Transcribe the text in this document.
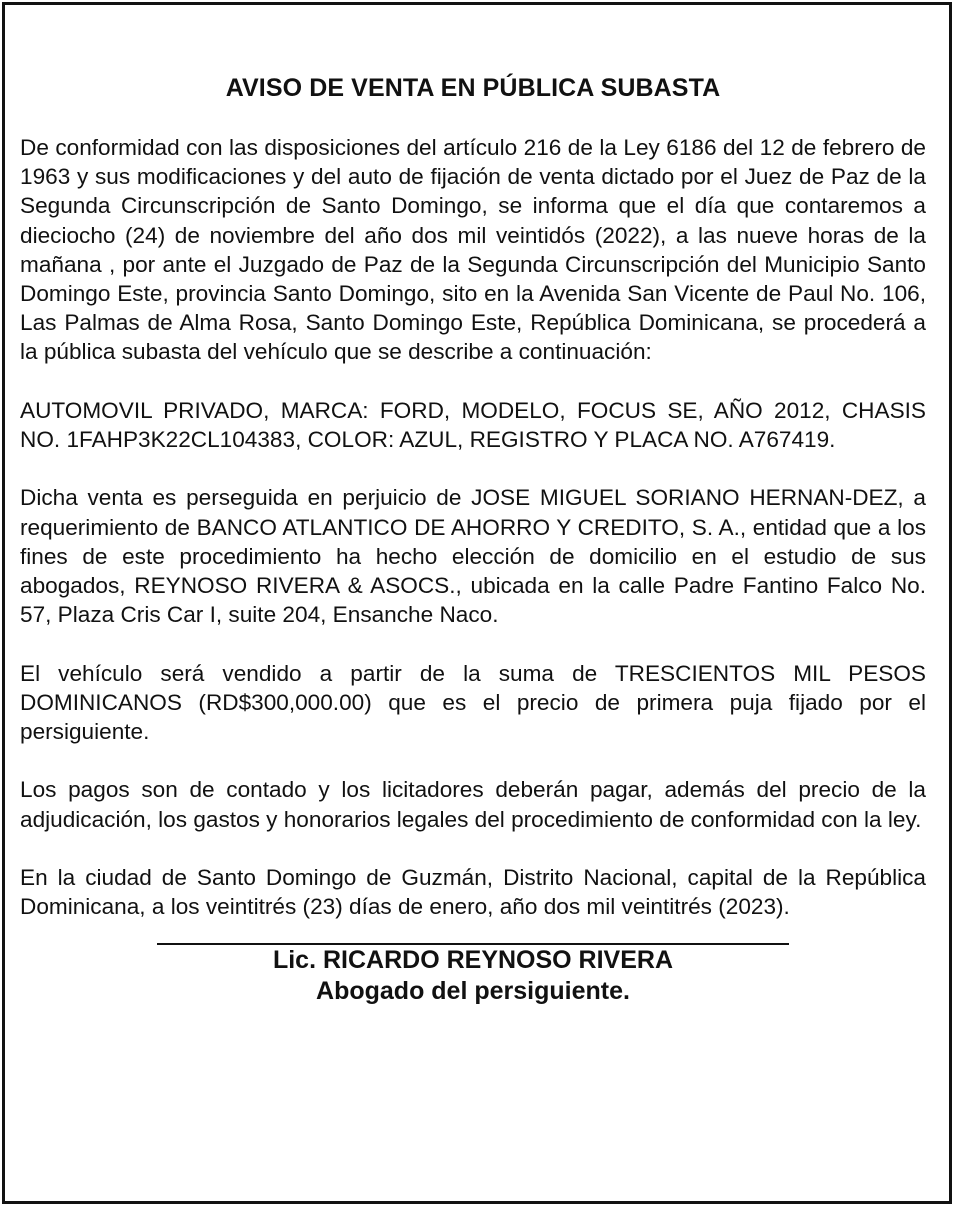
AVISO DE VENTA EN PÚBLICA SUBASTA

De conformidad con las disposiciones del artículo 216 de la Ley 6186 del 12 de febrero de 1963 y sus modificaciones y del auto de fijación de venta dictado por el Juez de Paz de la Segunda Circunscripción de Santo Domingo, se informa que el día que contaremos a dieciocho (24) de noviembre del año dos mil veintidós (2022), a las nueve horas de la mañana , por ante el Juzgado de Paz de la Segunda Circunscripción del Municipio Santo Domingo Este, provincia Santo Domingo, sito en la Avenida San Vicente de Paul No. 106, Las Palmas de Alma Rosa, Santo Domingo Este, República Dominicana, se procederá a la pública subasta del vehículo que se describe a continuación:

AUTOMOVIL PRIVADO, MARCA: FORD, MODELO, FOCUS SE, AÑO 2012, CHASIS NO. 1FAHP3K22CL104383, COLOR: AZUL, REGISTRO Y PLACA NO. A767419.

Dicha venta es perseguida en perjuicio de JOSE MIGUEL SORIANO HERNAN-DEZ, a requerimiento de BANCO ATLANTICO DE AHORRO Y CREDITO, S. A., entidad que a los fines de este procedimiento ha hecho elección de domicilio en el estudio de sus abogados, REYNOSO RIVERA & ASOCS., ubicada en la calle Padre Fantino Falco No. 57, Plaza Cris Car I, suite 204, Ensanche Naco.

El vehículo será vendido a partir de la suma de TRESCIENTOS MIL PESOS DOMINICANOS (RD$300,000.00) que es el precio de primera puja fijado por el persiguiente.

Los pagos son de contado y los licitadores deberán pagar, además del precio de la adjudicación, los gastos y honorarios legales del procedimiento de conformidad con la ley.

En la ciudad de Santo Domingo de Guzmán, Distrito Nacional, capital de la República Dominicana, a los veintitrés (23) días de enero, año dos mil veintitrés (2023).

Lic. RICARDO REYNOSO RIVERA

Abogado del persiguiente.
